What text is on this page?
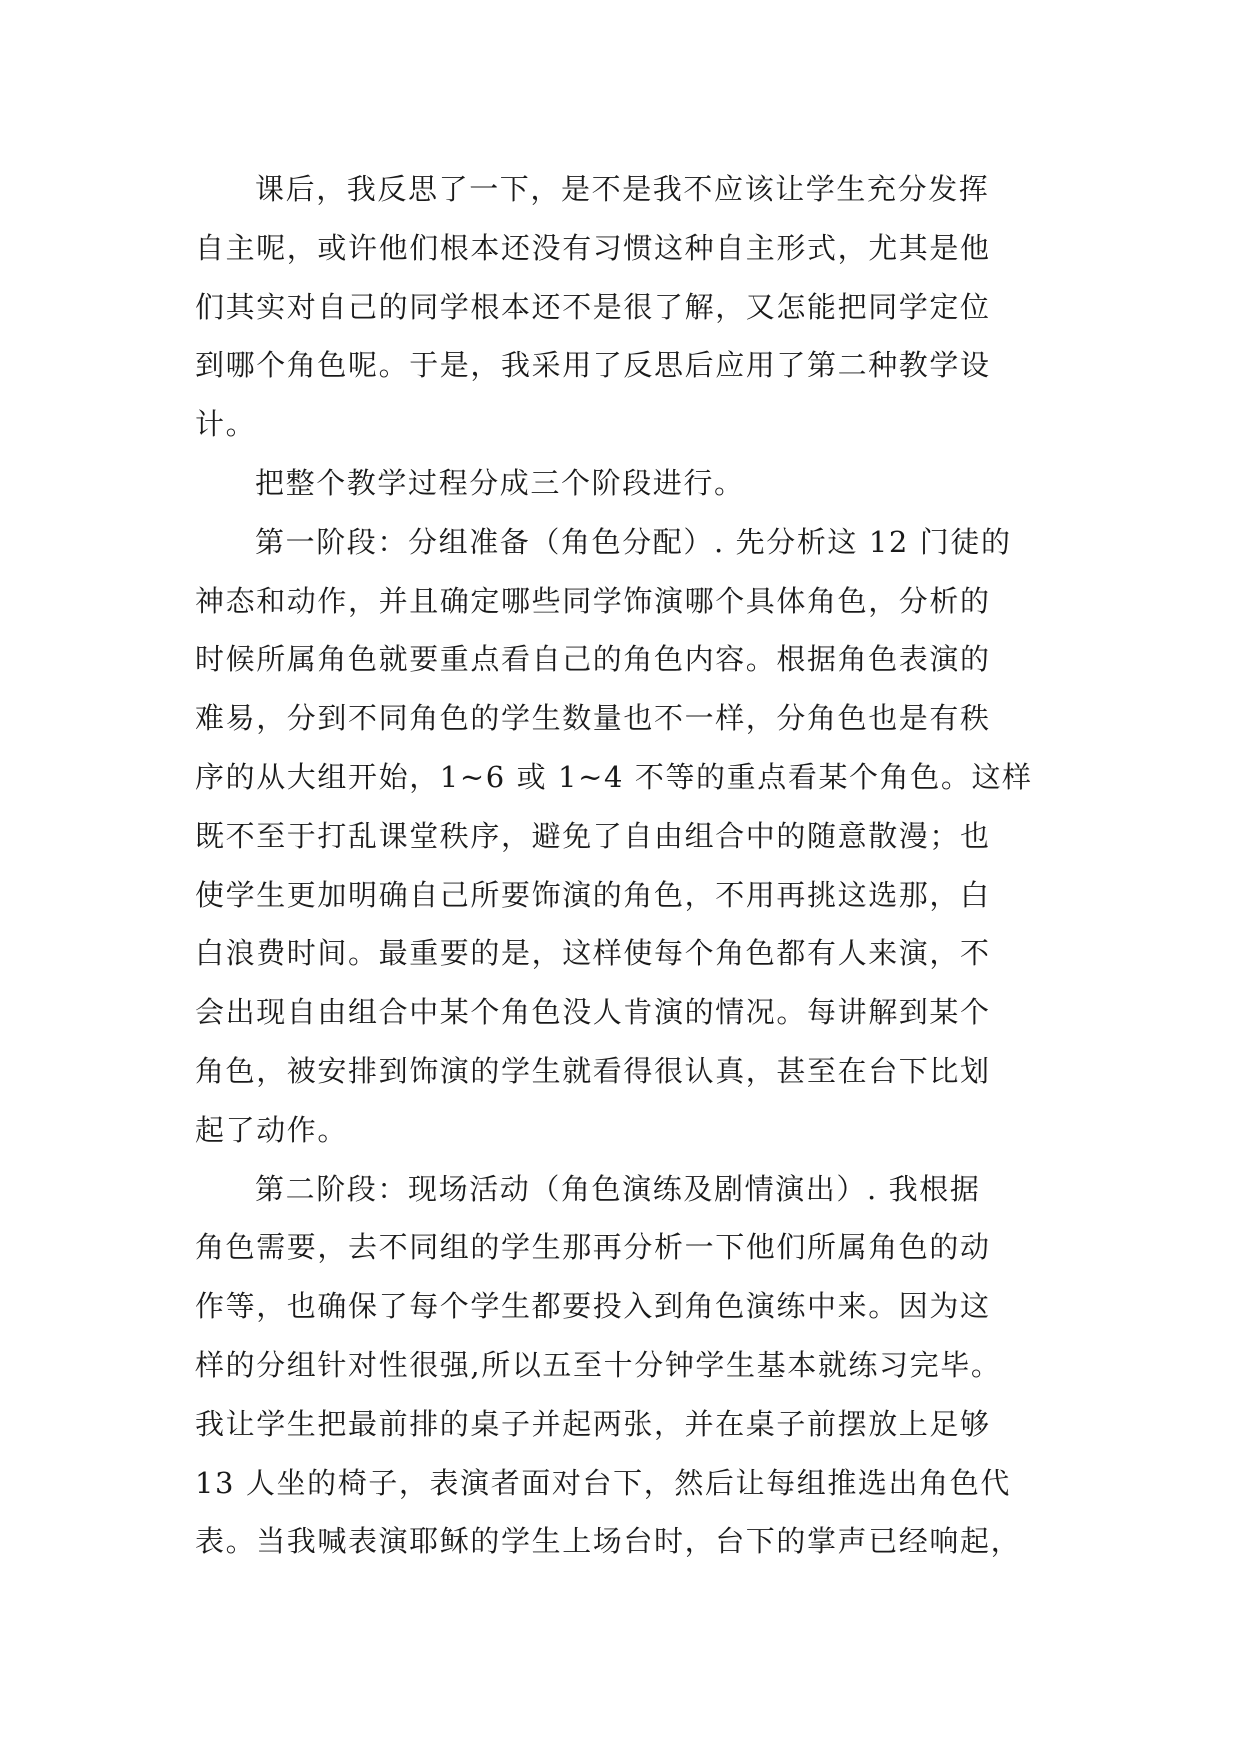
课后，我反思了一下，是不是我不应该让学生充分发挥
自主呢，或许他们根本还没有习惯这种自主形式，尤其是他
们其实对自己的同学根本还不是很了解，又怎能把同学定位
到哪个角色呢。于是，我采用了反思后应用了第二种教学设
计。
把整个教学过程分成三个阶段进行。
第一阶段：分组准备（角色分配）. 先分析这 12 门徒的
神态和动作，并且确定哪些同学饰演哪个具体角色，分析的
时候所属角色就要重点看自己的角色内容。根据角色表演的
难易，分到不同角色的学生数量也不一样，分角色也是有秩
序的从大组开始，1~6 或 1~4 不等的重点看某个角色。这样
既不至于打乱课堂秩序，避免了自由组合中的随意散漫；也
使学生更加明确自己所要饰演的角色，不用再挑这选那，白
白浪费时间。最重要的是，这样使每个角色都有人来演，不
会出现自由组合中某个角色没人肯演的情况。每讲解到某个
角色，被安排到饰演的学生就看得很认真，甚至在台下比划
起了动作。
第二阶段：现场活动（角色演练及剧情演出）. 我根据
角色需要，去不同组的学生那再分析一下他们所属角色的动
作等，也确保了每个学生都要投入到角色演练中来。因为这
样的分组针对性很强,所以五至十分钟学生基本就练习完毕。
我让学生把最前排的桌子并起两张，并在桌子前摆放上足够
13 人坐的椅子，表演者面对台下，然后让每组推选出角色代
表。当我喊表演耶稣的学生上场台时，台下的掌声已经响起，
